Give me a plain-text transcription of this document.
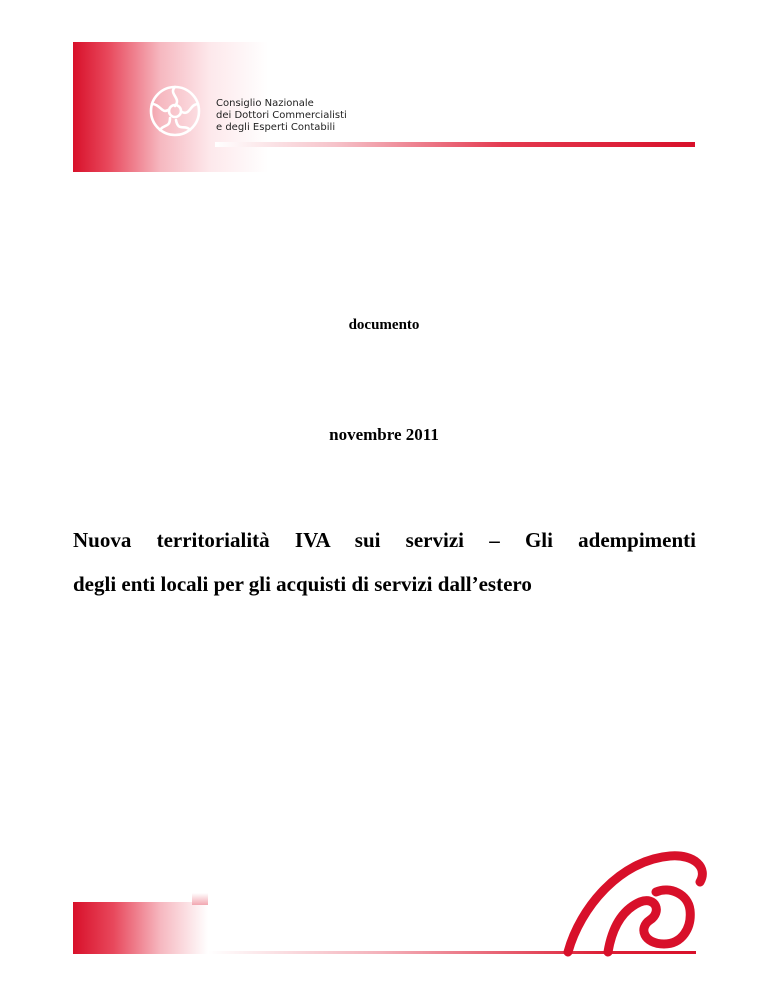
Consiglio Nazionale
dei Dottori Commercialisti
e degli Esperti Contabili
documento
novembre 2011
Nuova territorialità IVA sui servizi – Gli adempimenti
degli enti locali per gli acquisti di servizi dall’estero
